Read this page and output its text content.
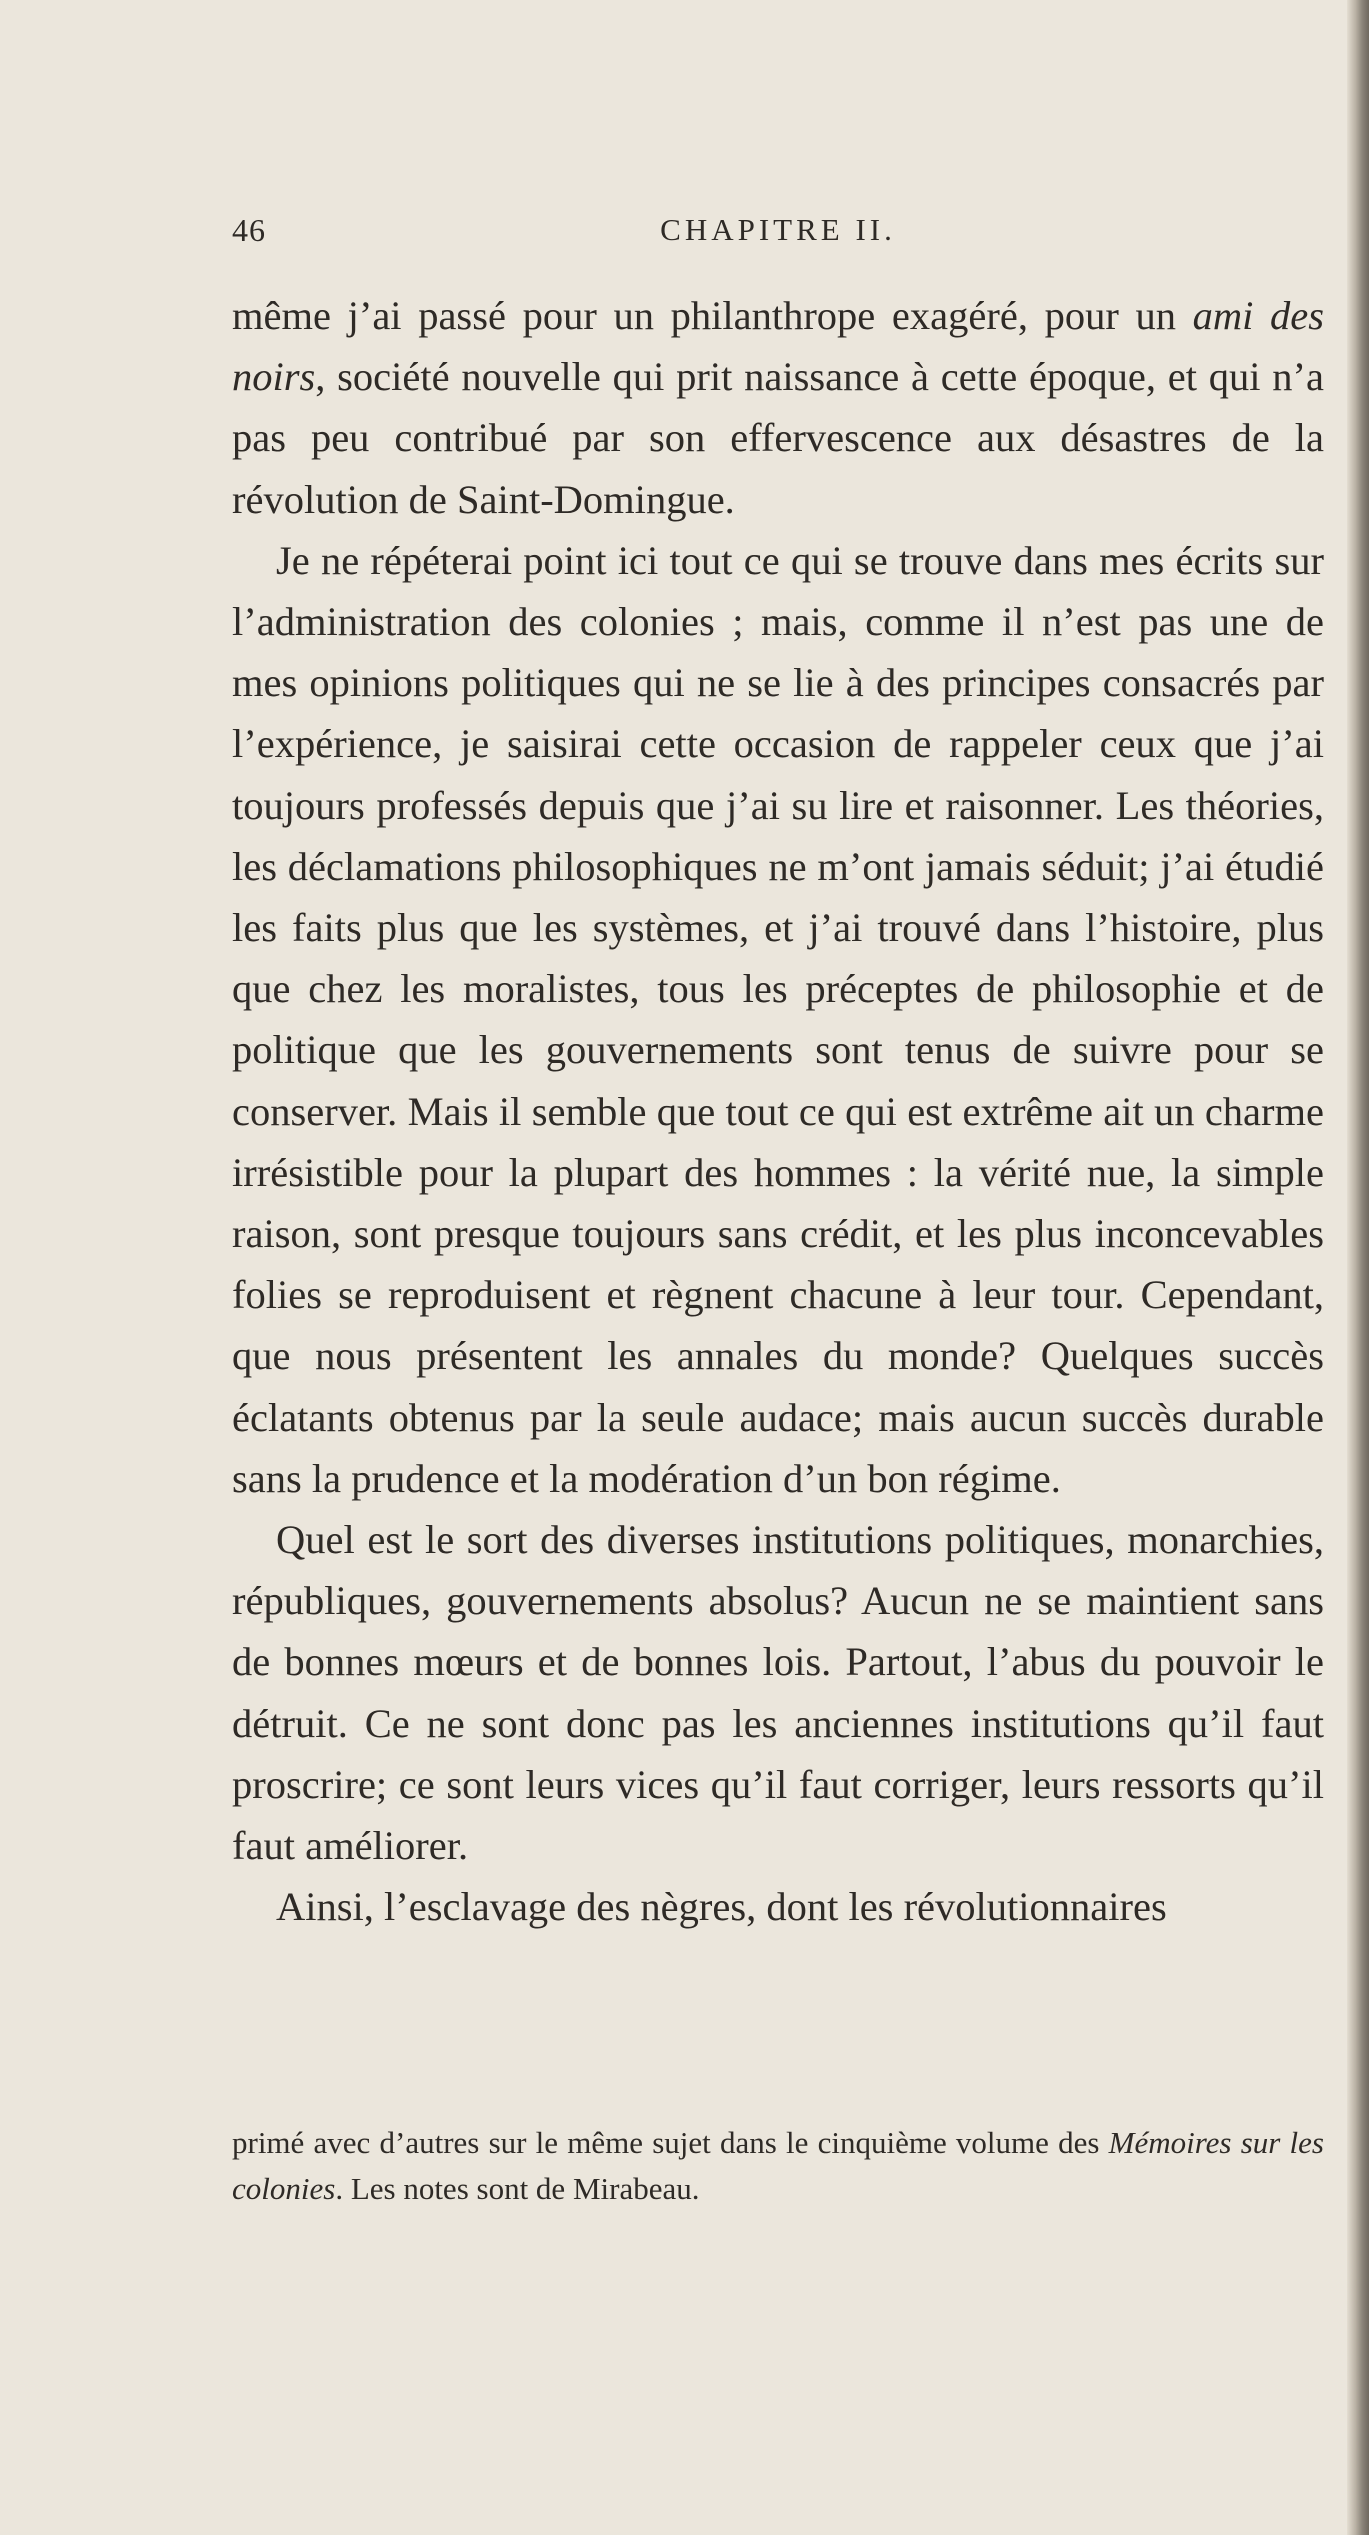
46	CHAPITRE II.

même j’ai passé pour un philanthrope exagéré, pour un ami des noirs, société nouvelle qui prit naissance à cette époque, et qui n’a pas peu contribué par son effervescence aux désastres de la révolution de Saint-Domingue.

Je ne répéterai point ici tout ce qui se trouve dans mes écrits sur l’administration des colonies ; mais, comme il n’est pas une de mes opinions politiques qui ne se lie à des principes consacrés par l’expérience, je saisirai cette occasion de rappeler ceux que j’ai toujours professés depuis que j’ai su lire et raisonner. Les théories, les déclamations philosophiques ne m’ont jamais séduit; j’ai étudié les faits plus que les systèmes, et j’ai trouvé dans l’histoire, plus que chez les moralistes, tous les préceptes de philosophie et de politique que les gouvernements sont tenus de suivre pour se conserver. Mais il semble que tout ce qui est extrême ait un charme irrésistible pour la plupart des hommes : la vérité nue, la simple raison, sont presque toujours sans crédit, et les plus inconcevables folies se reproduisent et règnent chacune à leur tour. Cependant, que nous présentent les annales du monde? Quelques succès éclatants obtenus par la seule audace; mais aucun succès durable sans la prudence et la modération d’un bon régime.

Quel est le sort des diverses institutions politiques, monarchies, républiques, gouvernements absolus? Aucun ne se maintient sans de bonnes mœurs et de bonnes lois. Partout, l’abus du pouvoir le détruit. Ce ne sont donc pas les anciennes institutions qu’il faut proscrire; ce sont leurs vices qu’il faut corriger, leurs ressorts qu’il faut améliorer.

Ainsi, l’esclavage des nègres, dont les révolutionnaires

primé avec d’autres sur le même sujet dans le cinquième volume des Mémoires sur les colonies. Les notes sont de Mirabeau.
